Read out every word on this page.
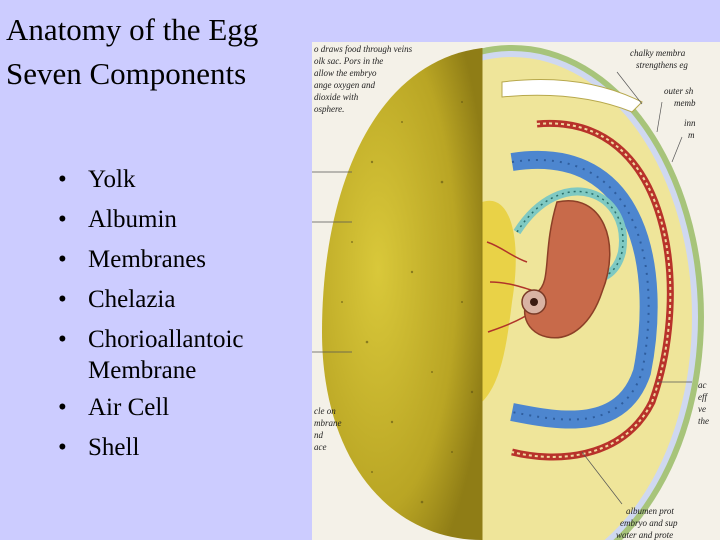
Anatomy of the Egg
Seven Components
• Yolk
• Albumin
• Membranes
• Chelazia
• Chorioallantoic
Membrane
• Air Cell
• Shell
o draws food through veins olk sac. Pors in the allow the embryo ange oxygen and dioxide with osphere.
chalky membra strengthens eg
outer sh memb
inn m
ac eff ve the
cle on mbrane nd ace
albumen prot embryo and sup water and prote
